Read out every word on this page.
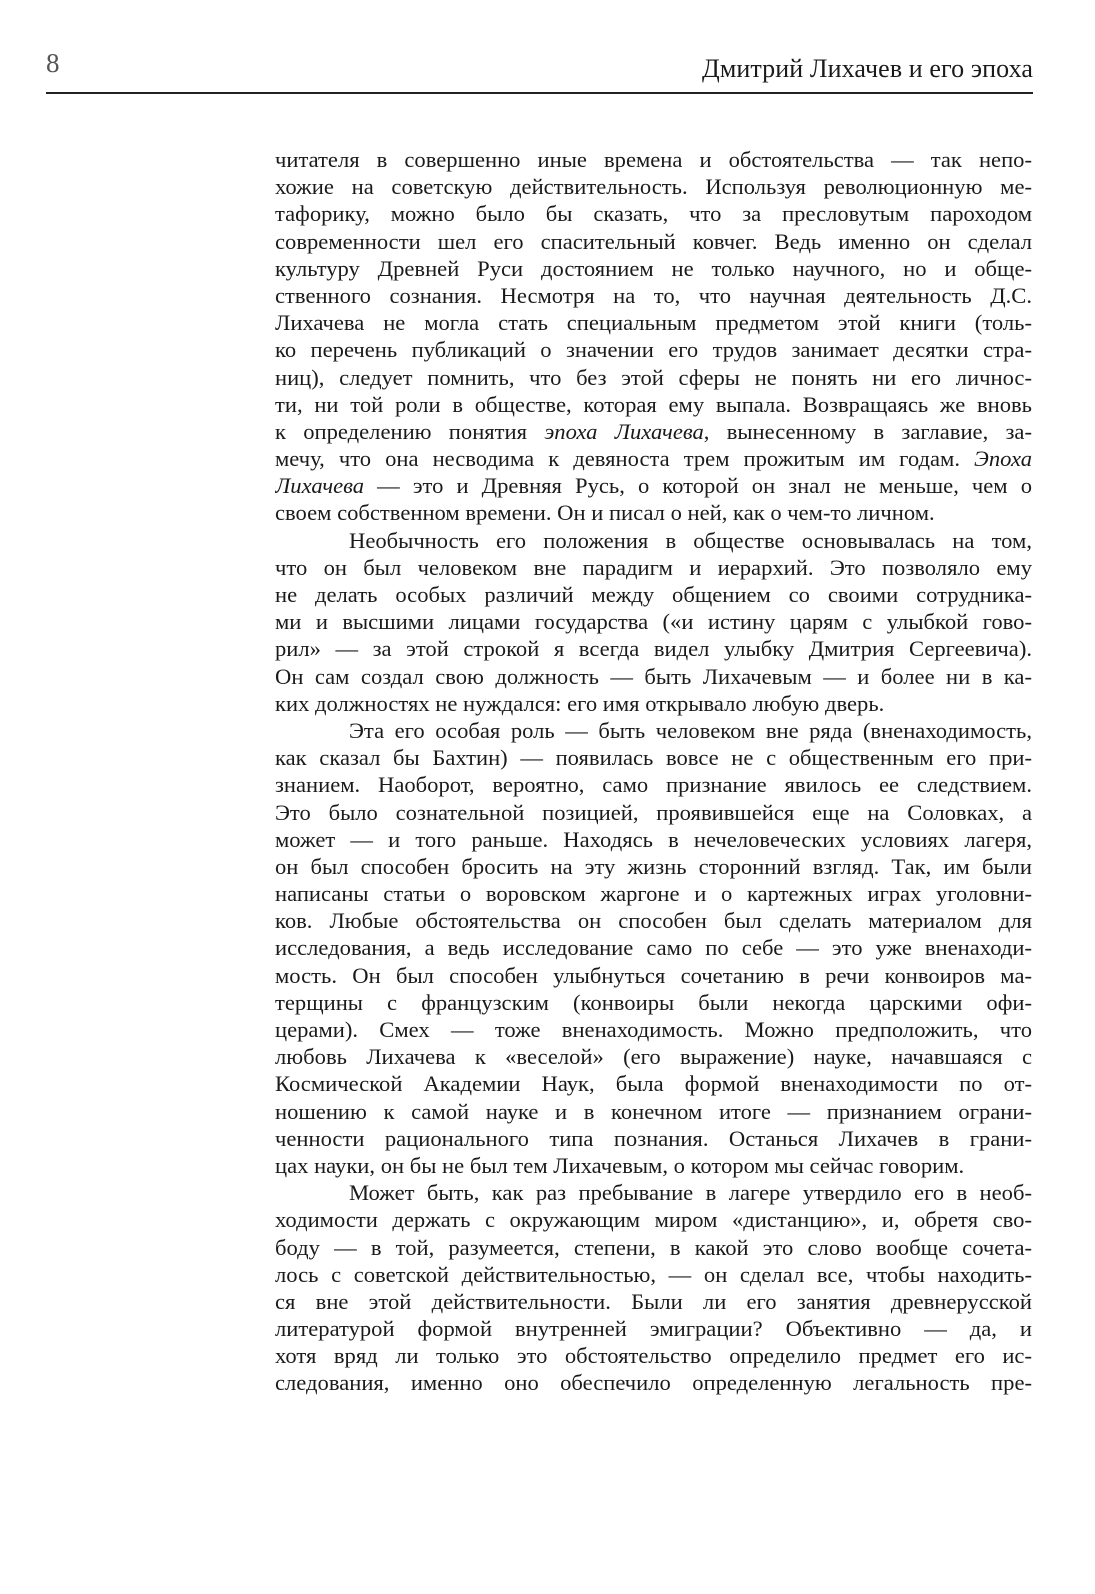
8	Дмитрий Лихачев и его эпоха
читателя в совершенно иные времена и обстоятельства — так непо-
хожие на советскую действительность. Используя революционную ме-
тафорику, можно было бы сказать, что за пресловутым пароходом
современности шел его спасительный ковчег. Ведь именно он сделал
культуру Древней Руси достоянием не только научного, но и обще-
ственного сознания. Несмотря на то, что научная деятельность Д.С.
Лихачева не могла стать специальным предметом этой книги (толь-
ко перечень публикаций о значении его трудов занимает десятки стра-
ниц), следует помнить, что без этой сферы не понять ни его личнос-
ти, ни той роли в обществе, которая ему выпала. Возвращаясь же вновь
к определению понятия эпоха Лихачева, вынесенному в заглавие, за-
мечу, что она несводима к девяноста трем прожитым им годам. Эпоха
Лихачева — это и Древняя Русь, о которой он знал не меньше, чем о
своем собственном времени. Он и писал о ней, как о чем-то личном.
Необычность его положения в обществе основывалась на том,
что он был человеком вне парадигм и иерархий. Это позволяло ему
не делать особых различий между общением со своими сотрудника-
ми и высшими лицами государства («и истину царям с улыбкой гово-
рил» — за этой строкой я всегда видел улыбку Дмитрия Сергеевича).
Он сам создал свою должность — быть Лихачевым — и более ни в ка-
ких должностях не нуждался: его имя открывало любую дверь.
Эта его особая роль — быть человеком вне ряда (вненаходимость,
как сказал бы Бахтин) — появилась вовсе не с общественным его при-
знанием. Наоборот, вероятно, само признание явилось ее следствием.
Это было сознательной позицией, проявившейся еще на Соловках, а
может — и того раньше. Находясь в нечеловеческих условиях лагеря,
он был способен бросить на эту жизнь сторонний взгляд. Так, им были
написаны статьи о воровском жаргоне и о картежных играх уголовни-
ков. Любые обстоятельства он способен был сделать материалом для
исследования, а ведь исследование само по себе — это уже вненаходи-
мость. Он был способен улыбнуться сочетанию в речи конвоиров ма-
терщины с французским (конвоиры были некогда царскими офи-
церами). Смех — тоже вненаходимость. Можно предположить, что
любовь Лихачева к «веселой» (его выражение) науке, начавшаяся с
Космической Академии Наук, была формой вненаходимости по от-
ношению к самой науке и в конечном итоге — признанием ограни-
ченности рационального типа познания. Останься Лихачев в грани-
цах науки, он бы не был тем Лихачевым, о котором мы сейчас говорим.
Может быть, как раз пребывание в лагере утвердило его в необ-
ходимости держать с окружающим миром «дистанцию», и, обретя сво-
боду — в той, разумеется, степени, в какой это слово вообще сочета-
лось с советской действительностью, — он сделал все, чтобы находить-
ся вне этой действительности. Были ли его занятия древнерусской
литературой формой внутренней эмиграции? Объективно — да, и
хотя вряд ли только это обстоятельство определило предмет его ис-
следования, именно оно обеспечило определенную легальность пре-
